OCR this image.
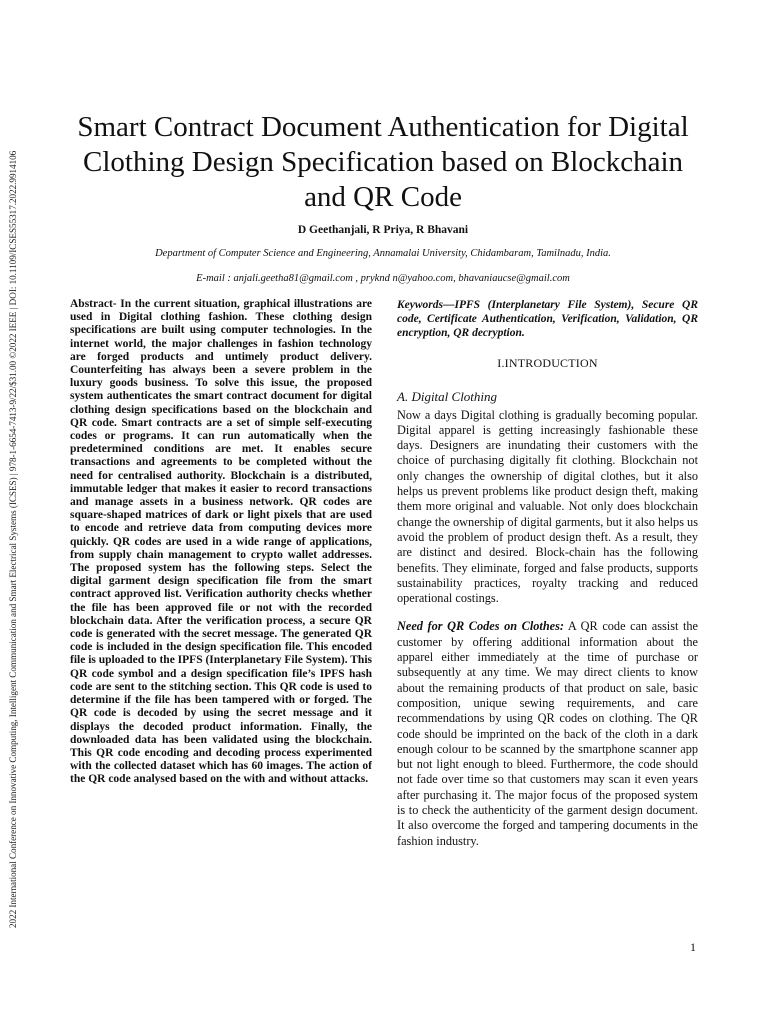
2022 International Conference on Innovative Computing, Intelligent Communication and Smart Electrical Systems (ICSES) | 978-1-6654-7413-9/22/$31.00 ©2022 IEEE | DOI: 10.1109/ICSES55317.2022.9914106
Smart Contract Document Authentication for Digital Clothing Design Specification based on Blockchain and QR Code
D Geethanjali, R Priya, R Bhavani
Department of Computer Science and Engineering, Annamalai University, Chidambaram, Tamilnadu, India.
E-mail : anjali.geetha81@gmail.com , pryknd n@yahoo.com, bhavaniaucse@gmail.com

Abstract- In the current situation, graphical illustrations are used in Digital clothing fashion. These clothing design specifications are built using computer technologies. In the internet world, the major challenges in fashion technology are forged products and untimely product delivery. Counterfeiting has always been a severe problem in the luxury goods business. To solve this issue, the proposed system authenticates the smart contract document for digital clothing design specifications based on the blockchain and QR code. Smart contracts are a set of simple self-executing codes or programs. It can run automatically when the predetermined conditions are met. It enables secure transactions and agreements to be completed without the need for centralised authority. Blockchain is a distributed, immutable ledger that makes it easier to record transactions and manage assets in a business network. QR codes are square-shaped matrices of dark or light pixels that are used to encode and retrieve data from computing devices more quickly. QR codes are used in a wide range of applications, from supply chain management to crypto wallet addresses. The proposed system has the following steps. Select the digital garment design specification file from the smart contract approved list. Verification authority checks whether the file has been approved file or not with the recorded blockchain data. After the verification process, a secure QR code is generated with the secret message. The generated QR code is included in the design specification file. This encoded file is uploaded to the IPFS (Interplanetary File System). This QR code symbol and a design specification file’s IPFS hash code are sent to the stitching section. This QR code is used to determine if the file has been tampered with or forged. The QR code is decoded by using the secret message and it displays the decoded product information. Finally, the downloaded data has been validated using the blockchain. This QR code encoding and decoding process experimented with the collected dataset which has 60 images. The action of the QR code analysed based on the with and without attacks.

Keywords—IPFS (Interplanetary File System), Secure QR code, Certificate Authentication, Verification, Validation, QR encryption, QR decryption.

I.INTRODUCTION
A. Digital Clothing

Now a days Digital clothing is gradually becoming popular. Digital apparel is getting increasingly fashionable these days. Designers are inundating their customers with the choice of purchasing digitally fit clothing. Blockchain not only changes the ownership of digital clothes, but it also helps us prevent problems like product design theft, making them more original and valuable. Not only does blockchain change the ownership of digital garments, but it also helps us avoid the problem of product design theft. As a result, they are distinct and desired. Block-chain has the following benefits. They eliminate, forged and false products, supports sustainability practices, royalty tracking and reduced operational costings.

Need for QR Codes on Clothes: A QR code can assist the customer by offering additional information about the apparel either immediately at the time of purchase or subsequently at any time. We may direct clients to know about the remaining products of that product on sale, basic composition, unique sewing requirements, and care recommendations by using QR codes on clothing. The QR code should be imprinted on the back of the cloth in a dark enough colour to be scanned by the smartphone scanner app but not light enough to bleed. Furthermore, the code should not fade over time so that customers may scan it even years after purchasing it. The major focus of the proposed system is to check the authenticity of the garment design document. It also overcome the forged and tampering documents in the fashion industry.

1
